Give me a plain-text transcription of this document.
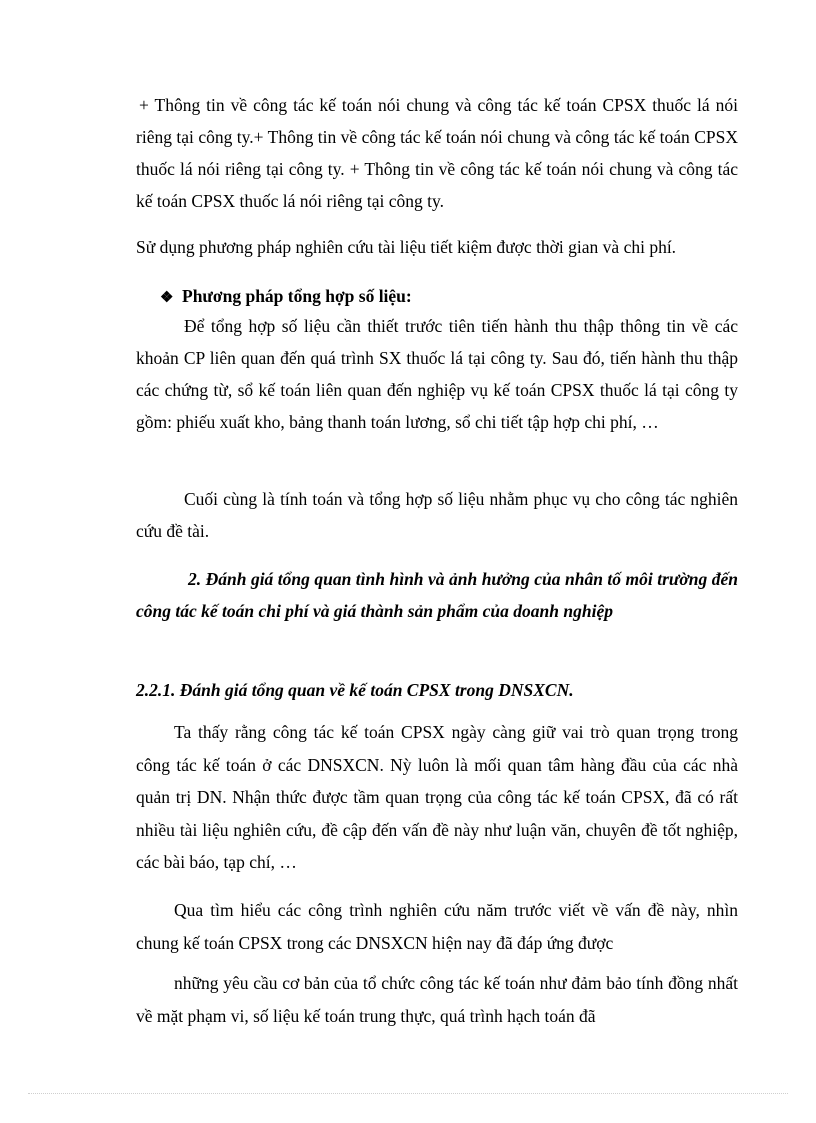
+ Thông tin về công tác kế toán nói chung và công tác kế toán CPSX thuốc lá nói riêng tại công ty.+ Thông tin về công tác kế toán nói chung và công tác kế toán CPSX thuốc lá nói riêng tại công ty. + Thông tin về công tác kế toán nói chung và công tác kế toán CPSX thuốc lá nói riêng tại công ty.

Sử dụng phương pháp nghiên cứu tài liệu tiết kiệm được thời gian và chi phí.

❖ Phương pháp tổng hợp số liệu:

Để tổng hợp số liệu cần thiết trước tiên tiến hành thu thập thông tin về các khoản CP liên quan đến quá trình SX thuốc lá tại công ty. Sau đó, tiến hành thu thập các chứng từ, sổ kế toán liên quan đến nghiệp vụ kế toán CPSX thuốc lá tại công ty gồm: phiếu xuất kho, bảng thanh toán lương, sổ chi tiết tập hợp chi phí, …

Cuối cùng là tính toán và tổng hợp số liệu nhằm phục vụ cho công tác nghiên cứu đề tài.

2. Đánh giá tổng quan tình hình và ảnh hưởng của nhân tố môi trường đến công tác kế toán chi phí và giá thành sản phẩm của doanh nghiệp

2.2.1. Đánh giá tổng quan về kế toán CPSX trong DNSXCN.

Ta thấy rằng công tác kế toán CPSX ngày càng giữ vai trò quan trọng trong công tác kế toán ở các DNSXCN. Nỳ luôn là mối quan tâm hàng đầu của các nhà quản trị DN. Nhận thức được tầm quan trọng của công tác kế toán CPSX, đã có rất nhiều tài liệu nghiên cứu, đề cập đến vấn đề này như luận văn, chuyên đề tốt nghiệp, các bài báo, tạp chí, …

Qua tìm hiểu các công trình nghiên cứu năm trước viết về vấn đề này, nhìn chung kế toán CPSX trong các DNSXCN hiện nay đã đáp ứng được

những yêu cầu cơ bản của tổ chức công tác kế toán như đảm bảo tính đồng nhất về mặt phạm vi, số liệu kế toán trung thực, quá trình hạch toán đã
